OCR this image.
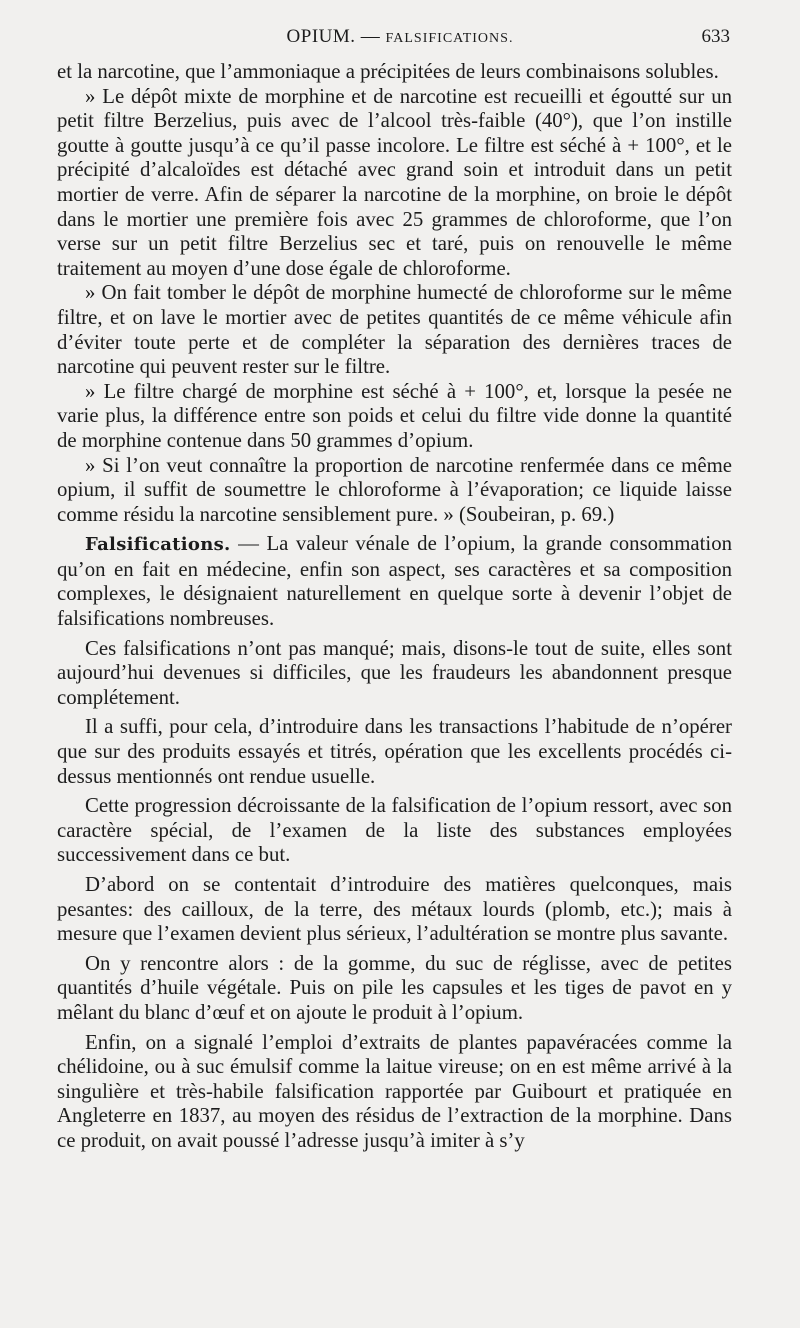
OPIUM. — FALSIFICATIONS.	633

et la narcotine, que l’ammoniaque a précipitées de leurs combinaisons solubles.

» Le dépôt mixte de morphine et de narcotine est recueilli et égoutté sur un petit filtre Berzelius, puis avec de l’alcool très-faible (40°), que l’on instille goutte à goutte jusqu’à ce qu’il passe incolore. Le filtre est séché à + 100°, et le précipité d’alcaloïdes est détaché avec grand soin et introduit dans un petit mortier de verre. Afin de séparer la narcotine de la morphine, on broie le dépôt dans le mortier une première fois avec 25 grammes de chloroforme, que l’on verse sur un petit filtre Berzelius sec et taré, puis on renouvelle le même traitement au moyen d’une dose égale de chloroforme.

» On fait tomber le dépôt de morphine humecté de chloroforme sur le même filtre, et on lave le mortier avec de petites quantités de ce même véhicule afin d’éviter toute perte et de compléter la séparation des dernières traces de narcotine qui peuvent rester sur le filtre.

» Le filtre chargé de morphine est séché à + 100°, et, lorsque la pesée ne varie plus, la différence entre son poids et celui du filtre vide donne la quantité de morphine contenue dans 50 grammes d’opium.

» Si l’on veut connaître la proportion de narcotine renfermée dans ce même opium, il suffit de soumettre le chloroforme à l’évaporation; ce liquide laisse comme résidu la narcotine sensiblement pure. » (Soubeiran, p. 69.)

Falsifications. — La valeur vénale de l’opium, la grande consommation qu’on en fait en médecine, enfin son aspect, ses caractères et sa composition complexes, le désignaient naturellement en quelque sorte à devenir l’objet de falsifications nombreuses.

Ces falsifications n’ont pas manqué; mais, disons-le tout de suite, elles sont aujourd’hui devenues si difficiles, que les fraudeurs les abandonnent presque complétement.

Il a suffi, pour cela, d’introduire dans les transactions l’habitude de n’opérer que sur des produits essayés et titrés, opération que les excellents procédés ci-dessus mentionnés ont rendue usuelle.

Cette progression décroissante de la falsification de l’opium ressort, avec son caractère spécial, de l’examen de la liste des substances employées successivement dans ce but.

D’abord on se contentait d’introduire des matières quelconques, mais pesantes: des cailloux, de la terre, des métaux lourds (plomb, etc.); mais à mesure que l’examen devient plus sérieux, l’adultération se montre plus savante.

On y rencontre alors : de la gomme, du suc de réglisse, avec de petites quantités d’huile végétale. Puis on pile les capsules et les tiges de pavot en y mêlant du blanc d’œuf et on ajoute le produit à l’opium.

Enfin, on a signalé l’emploi d’extraits de plantes papavéracées comme la chélidoine, ou à suc émulsif comme la laitue vireuse; on en est même arrivé à la singulière et très-habile falsification rapportée par Guibourt et pratiquée en Angleterre en 1837, au moyen des résidus de l’extraction de la morphine. Dans ce produit, on avait poussé l’adresse jusqu’à imiter à s’y
